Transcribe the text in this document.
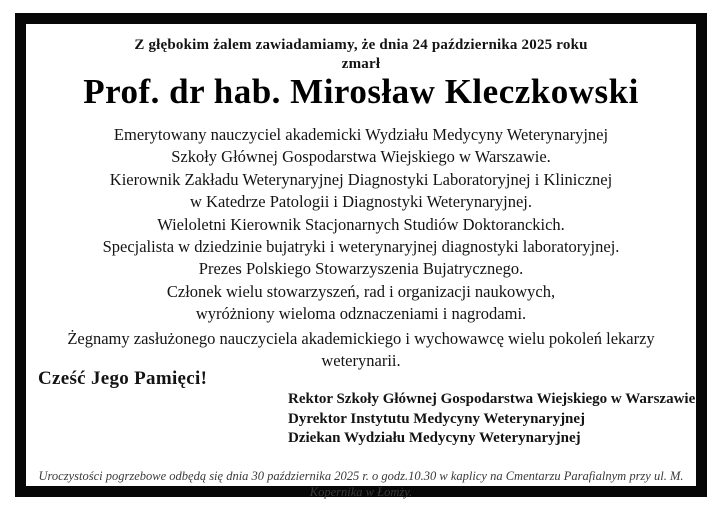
Z głębokim żalem zawiadamiamy, że dnia 24 października 2025 roku

zmarł

Prof. dr hab. Mirosław Kleczkowski

Emerytowany nauczyciel akademicki Wydziału Medycyny Weterynaryjnej

Szkoły Głównej Gospodarstwa Wiejskiego w Warszawie.

Kierownik Zakładu Weterynaryjnej Diagnostyki Laboratoryjnej i Klinicznej

w Katedrze Patologii i Diagnostyki Weterynaryjnej.

Wieloletni Kierownik Stacjonarnych Studiów Doktoranckich.

Specjalista w dziedzinie bujatryki i weterynaryjnej diagnostyki laboratoryjnej.

Prezes Polskiego Stowarzyszenia Bujatrycznego.

Członek wielu stowarzyszeń, rad i organizacji naukowych,

wyróżniony wieloma odznaczeniami i nagrodami.

Żegnamy zasłużonego nauczyciela akademickiego i wychowawcę wielu pokoleń lekarzy weterynarii.

Cześć Jego Pamięci!

Rektor Szkoły Głównej Gospodarstwa Wiejskiego w Warszawie

Dyrektor Instytutu Medycyny Weterynaryjnej

Dziekan Wydziału Medycyny Weterynaryjnej

Uroczystości pogrzebowe odbędą się dnia 30 października 2025 r. o godz.10.30 w kaplicy na Cmentarzu Parafialnym przy ul. M. Kopernika w Łomży.
